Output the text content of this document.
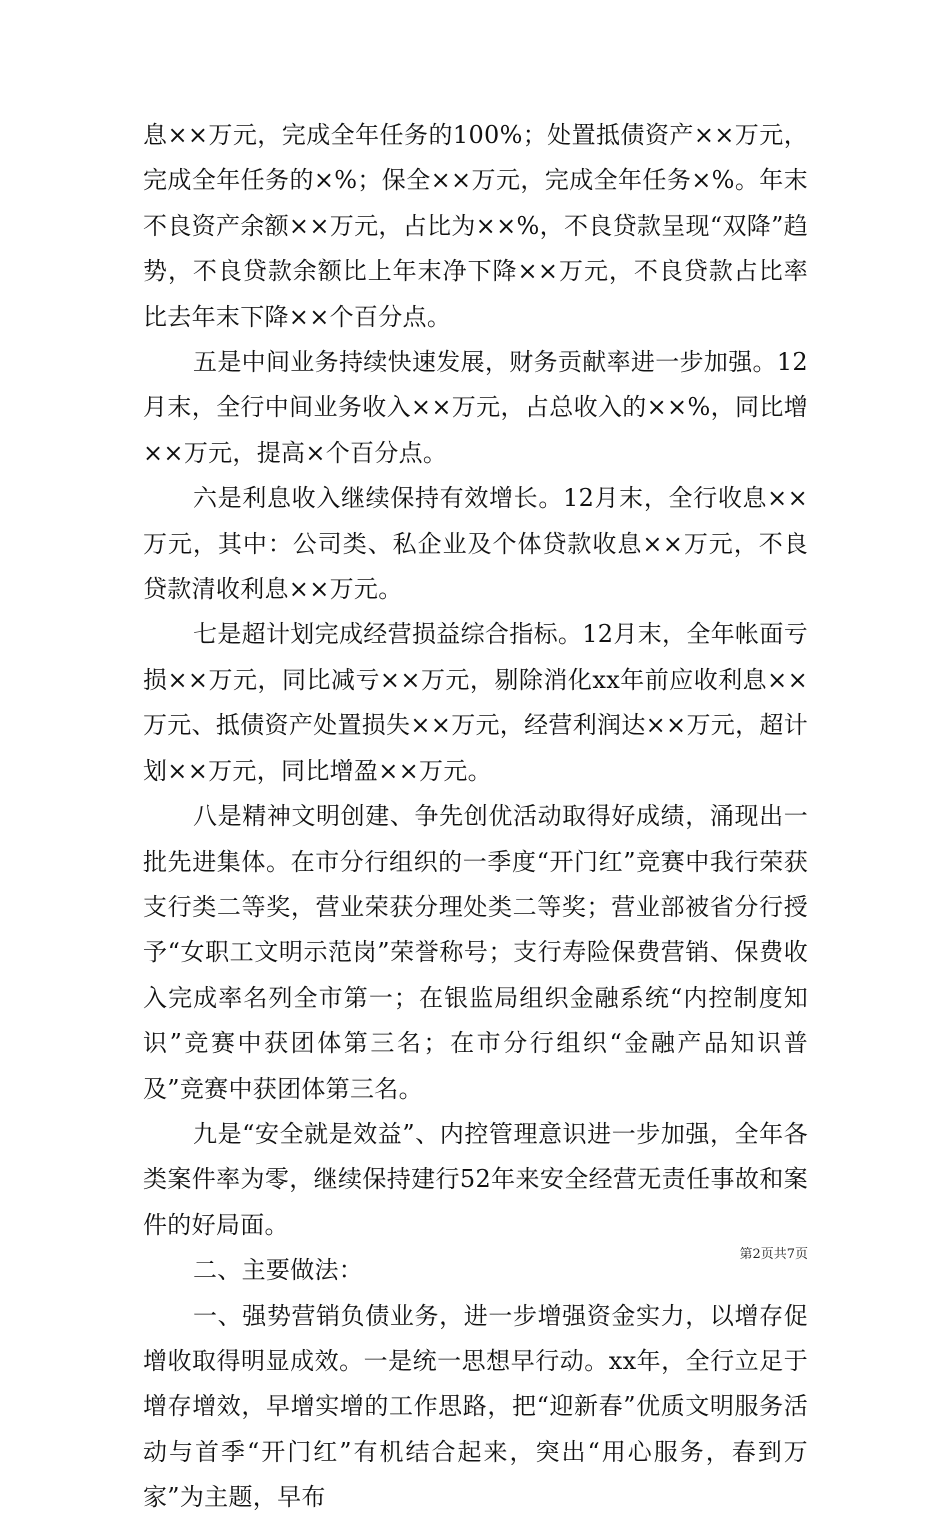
息××万元，完成全年任务的100%；处置抵债资产××万元，完成全年任务的×%；保全××万元，完成全年任务×%。年末不良资产余额××万元，占比为××%，不良贷款呈现“双降”趋势，不良贷款余额比上年末净下降××万元，不良贷款占比率比去年末下降××个百分点。

五是中间业务持续快速发展，财务贡献率进一步加强。12月末，全行中间业务收入××万元，占总收入的××%，同比增××万元，提高×个百分点。

六是利息收入继续保持有效增长。12月末，全行收息××万元，其中：公司类、私企业及个体贷款收息××万元，不良贷款清收利息××万元。

七是超计划完成经营损益综合指标。12月末，全年帐面亏损××万元，同比减亏××万元，剔除消化xx年前应收利息××万元、抵债资产处置损失××万元，经营利润达××万元，超计划××万元，同比增盈××万元。

八是精神文明创建、争先创优活动取得好成绩，涌现出一批先进集体。在市分行组织的一季度“开门红”竞赛中我行荣获支行类二等奖，营业荣获分理处类二等奖；营业部被省分行授予“女职工文明示范岗”荣誉称号；支行寿险保费营销、保费收入完成率名列全市第一；在银监局组织金融系统“内控制度知识”竞赛中获团体第三名；在市分行组织“金融产品知识普及”竞赛中获团体第三名。

九是“安全就是效益”、内控管理意识进一步加强，全年各类案件率为零，继续保持建行52年来安全经营无责任事故和案件的好局面。

二、主要做法：

一、强势营销负债业务，进一步增强资金实力，以增存促增收取得明显成效。一是统一思想早行动。xx年，全行立足于增存增效，早增实增的工作思路，把“迎新春”优质文明服务活动与首季“开门红”有机结合起来，突出“用心服务，春到万家”为主题，早布

第2页共7页
